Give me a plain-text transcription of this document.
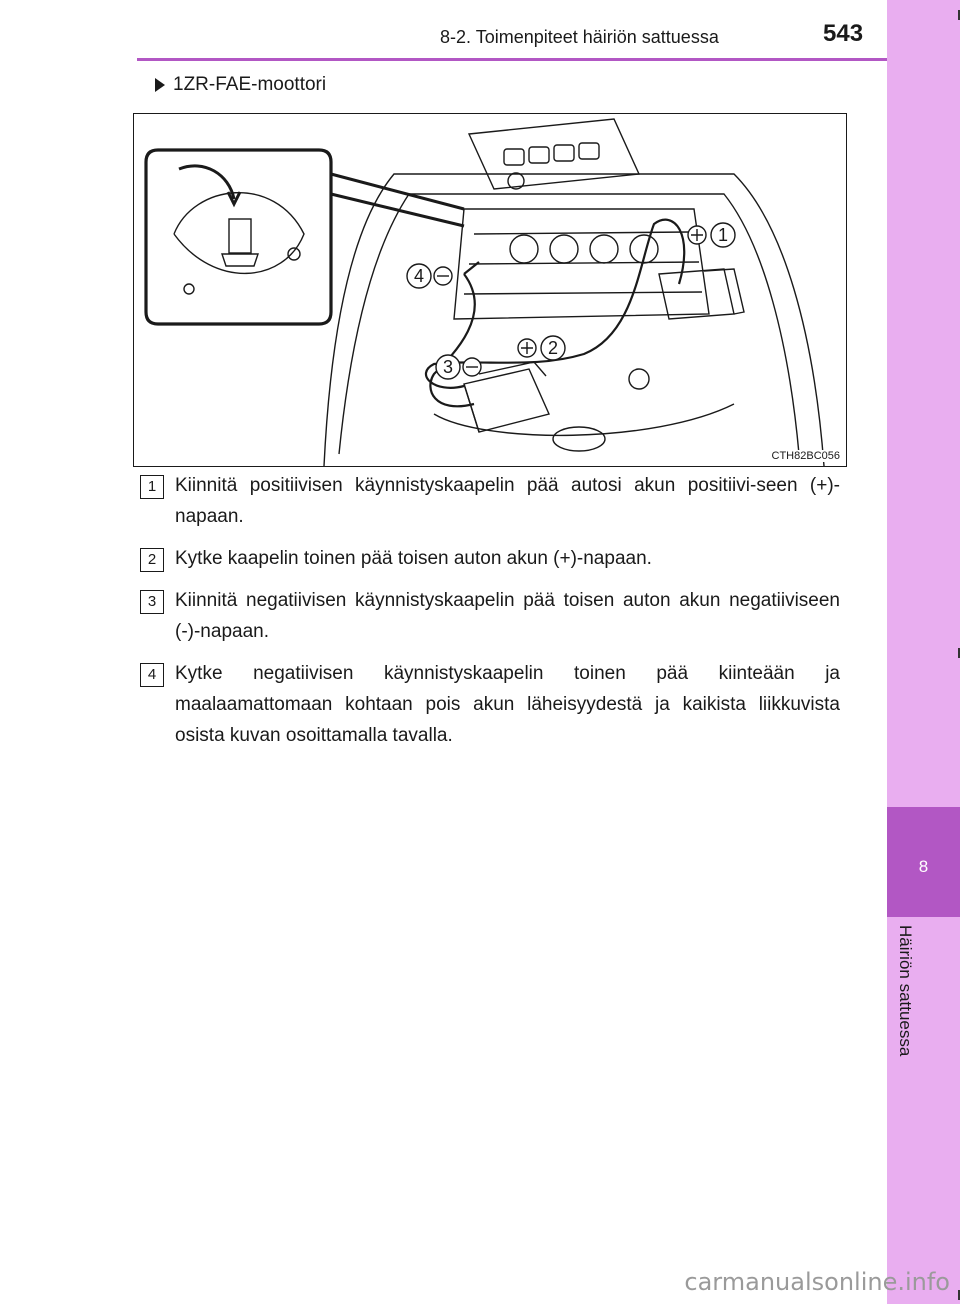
8
Häiriön sattuessa
8-2. Toimenpiteet häiriön sattuessa	543
1ZR-FAE-moottori
1
2
3
4
CTH82BC056
1 Kiinnitä positiivisen käynnistyskaapelin pää autosi akun positiivi-seen (+)-napaan.
2 Kytke kaapelin toinen pää toisen auton akun (+)-napaan.
3 Kiinnitä negatiivisen käynnistyskaapelin pää toisen auton akun negatiiviseen (-)-napaan.
4 Kytke negatiivisen käynnistyskaapelin toinen pää kiinteään ja maalaamattomaan kohtaan pois akun läheisyydestä ja kaikista liikkuvista osista kuvan osoittamalla tavalla.
carmanualsonline.info
